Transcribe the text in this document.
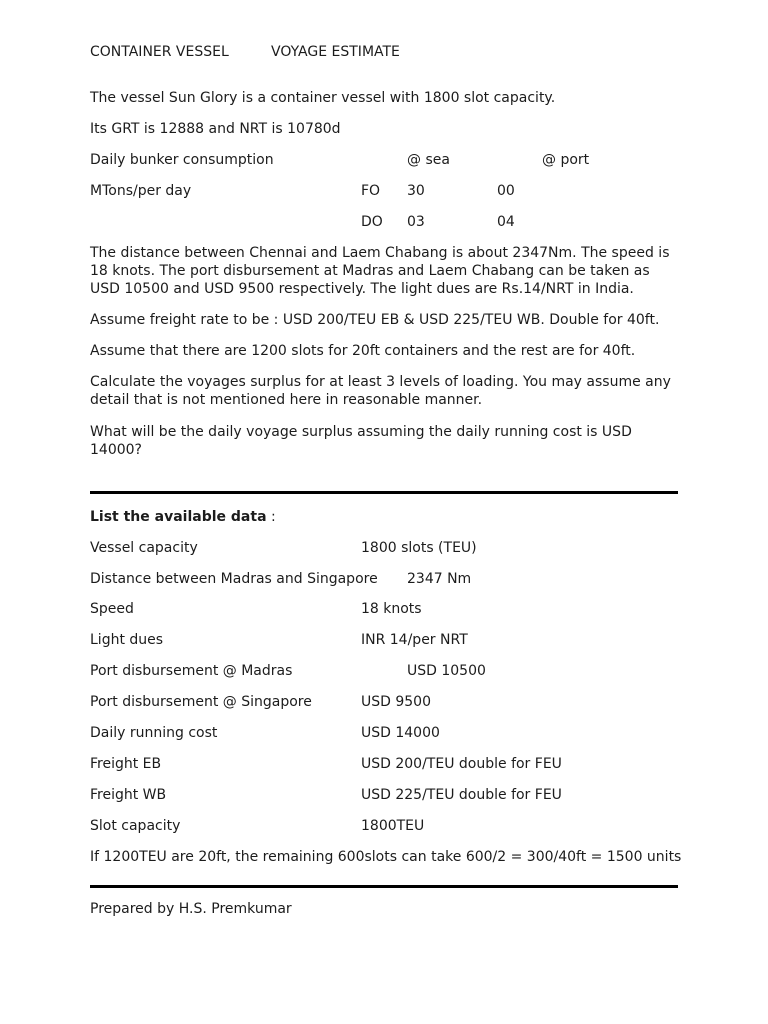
CONTAINER VESSEL	VOYAGE ESTIMATE
The vessel Sun Glory is a container vessel with 1800 slot capacity.
Its GRT is 12888 and NRT is 10780d
Daily bunker consumption	@ sea	@ port
MTons/per day	FO 30	00
DO 03	04
The distance between Chennai and Laem Chabang is about 2347Nm. The speed is 18 knots. The port disbursement at Madras and Laem Chabang can be taken as USD 10500 and USD 9500 respectively. The light dues are Rs.14/NRT in India.
Assume freight rate to be : USD 200/TEU EB & USD 225/TEU WB. Double for 40ft.
Assume that there are 1200 slots for 20ft containers and the rest are for 40ft.
Calculate the voyages surplus for at least 3 levels of loading. You may assume any detail that is not mentioned here in reasonable manner.
What will be the daily voyage surplus assuming the daily running cost is USD 14000?
List the available data :
Vessel capacity	1800 slots (TEU)
Distance between Madras and Singapore 2347 Nm
Speed	18 knots
Light dues	INR 14/per NRT
Port disbursement @ Madras	USD 10500
Port disbursement @ Singapore	USD 9500
Daily running cost	USD 14000
Freight EB	USD 200/TEU double for FEU
Freight WB	USD 225/TEU double for FEU
Slot capacity	1800TEU
If 1200TEU are 20ft, the remaining 600slots can take 600/2 = 300/40ft = 1500 units
Prepared by H.S. Premkumar
